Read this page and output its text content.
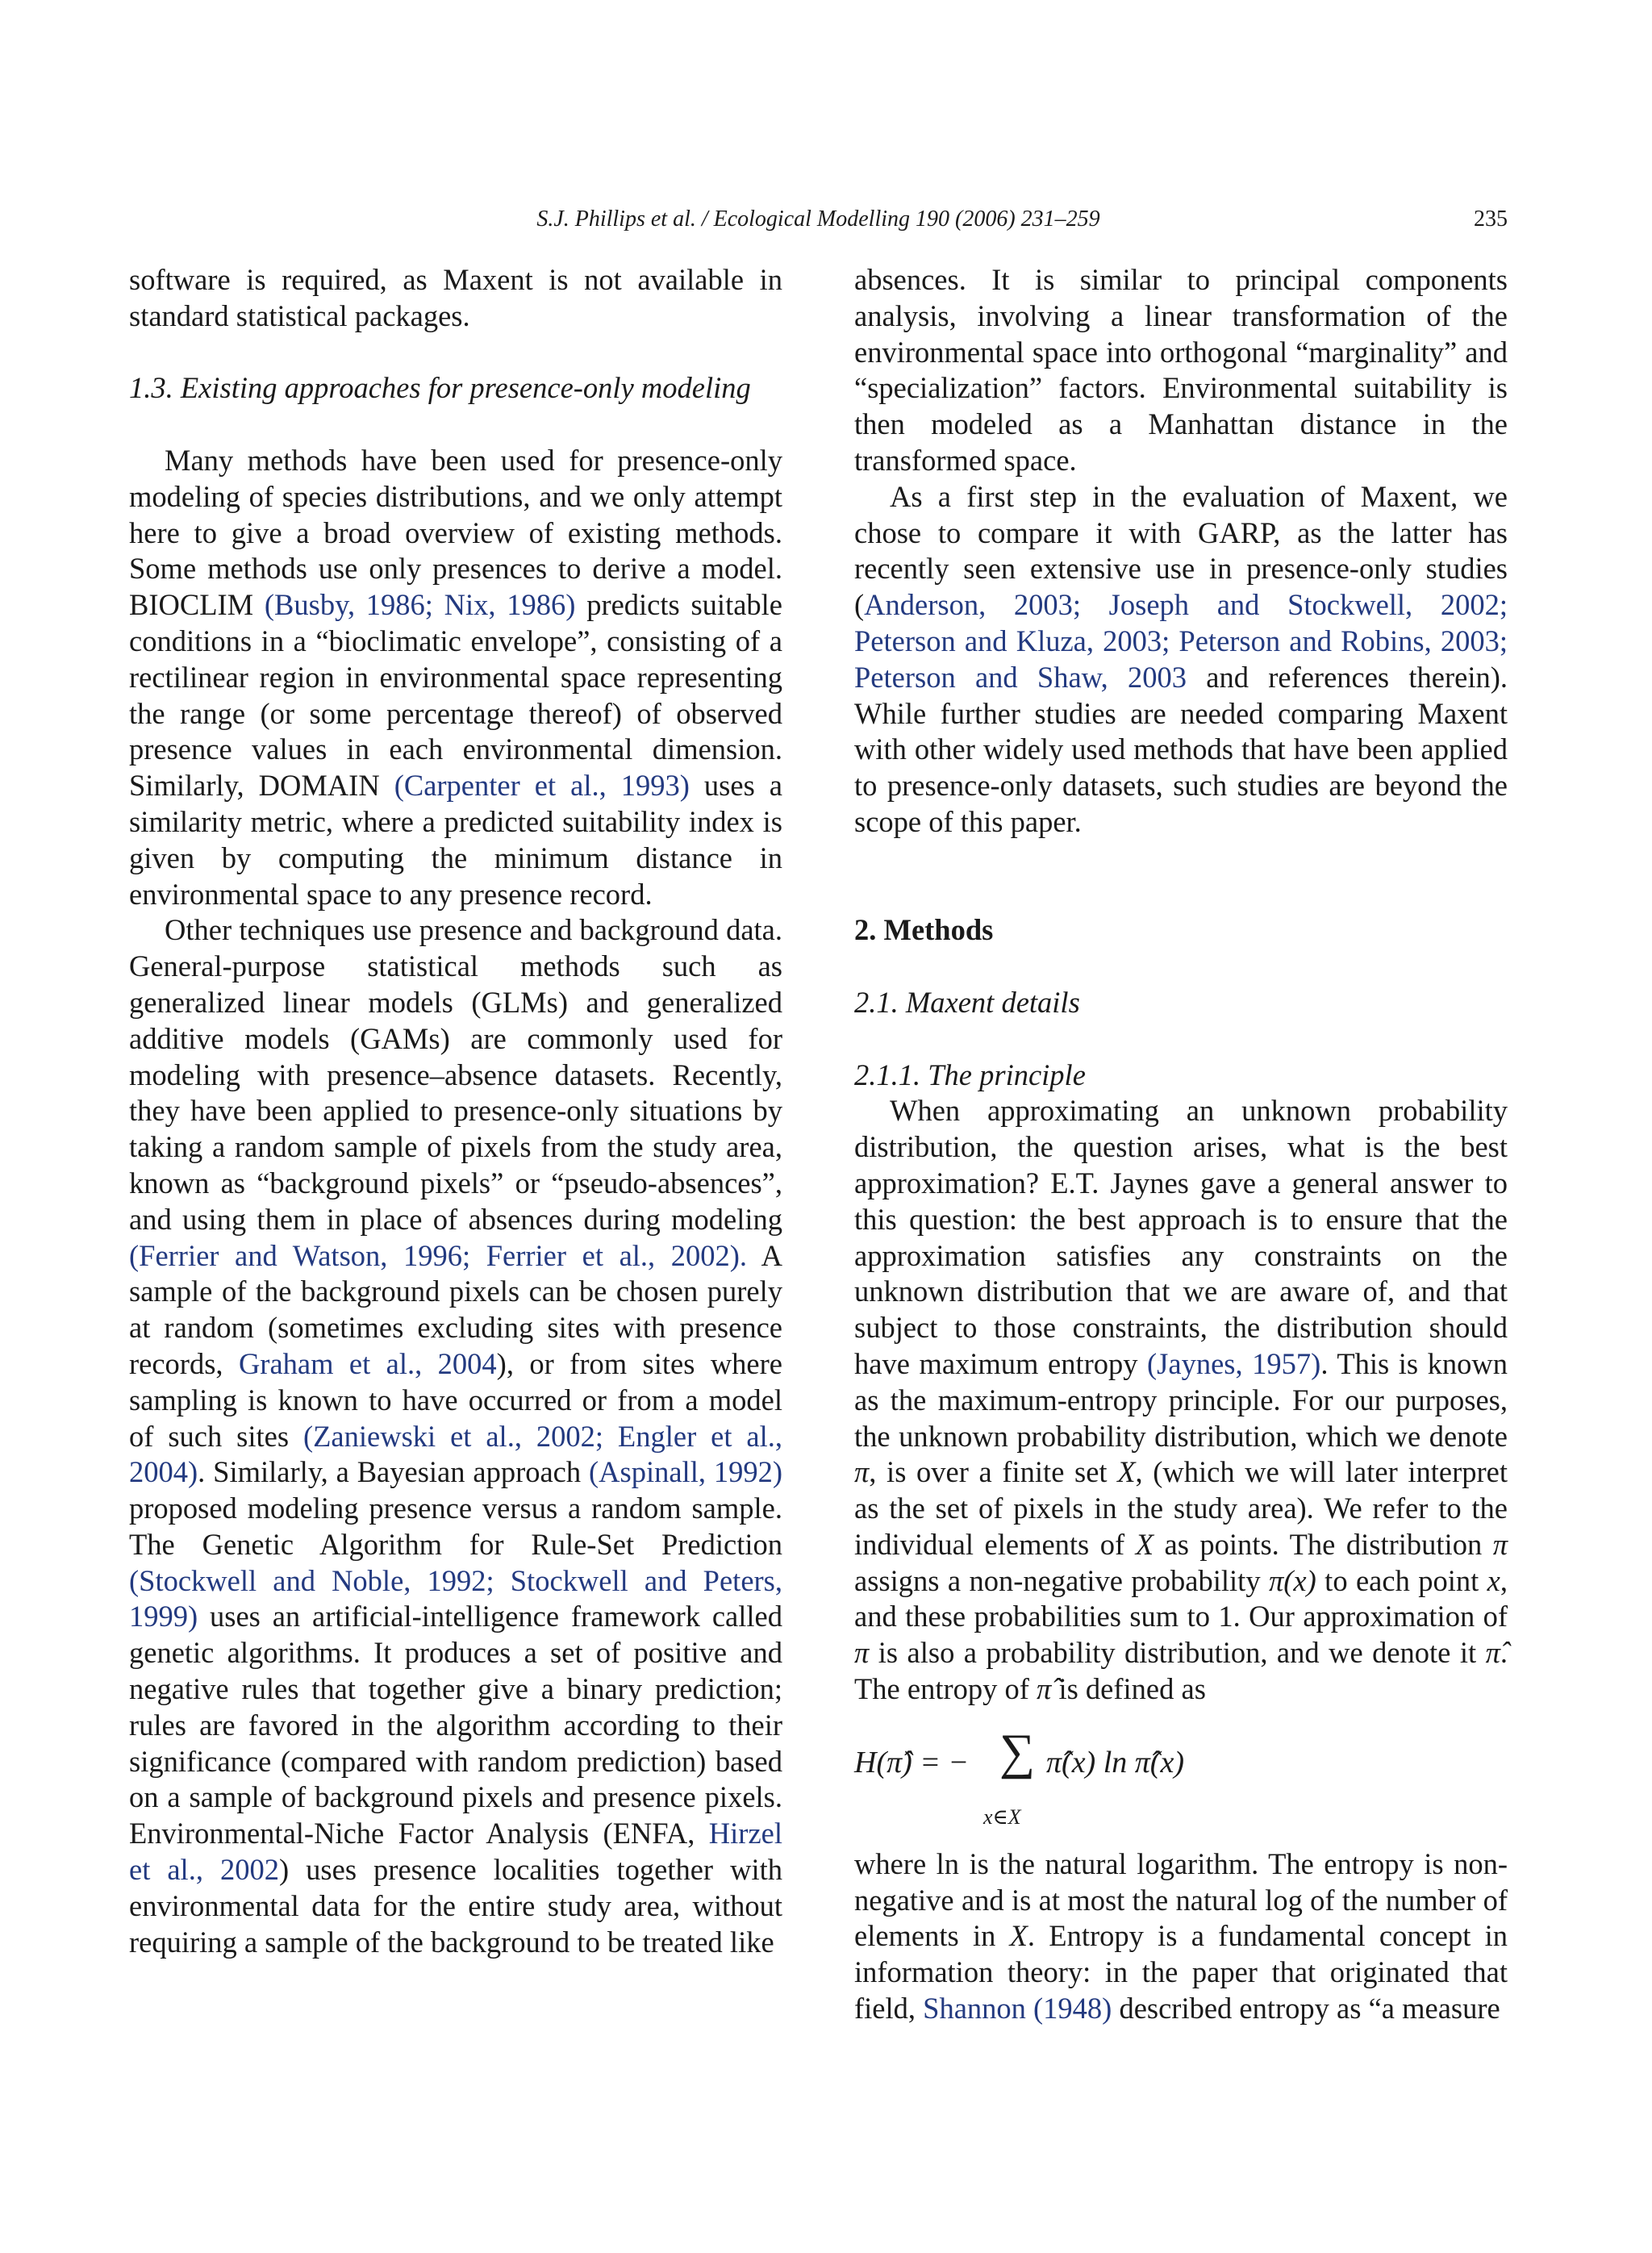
S.J. Phillips et al. / Ecological Modelling 190 (2006) 231–259	235

software is required, as Maxent is not available in standard statistical packages.

1.3. Existing approaches for presence-only modeling

Many methods have been used for presence-only modeling of species distributions, and we only attempt here to give a broad overview of existing methods. Some methods use only presences to derive a model. BIOCLIM (Busby, 1986; Nix, 1986) predicts suitable conditions in a “bioclimatic envelope”, consisting of a rectilinear region in environmental space representing the range (or some percentage thereof) of observed presence values in each environmental dimension. Similarly, DOMAIN (Carpenter et al., 1993) uses a similarity metric, where a predicted suitability index is given by computing the minimum distance in environmental space to any presence record.

Other techniques use presence and background data. General-purpose statistical methods such as generalized linear models (GLMs) and generalized additive models (GAMs) are commonly used for modeling with presence–absence datasets. Recently, they have been applied to presence-only situations by taking a random sample of pixels from the study area, known as “background pixels” or “pseudo-absences”, and using them in place of absences during modeling (Ferrier and Watson, 1996; Ferrier et al., 2002). A sample of the background pixels can be chosen purely at random (sometimes excluding sites with presence records, Graham et al., 2004), or from sites where sampling is known to have occurred or from a model of such sites (Zaniewski et al., 2002; Engler et al., 2004). Similarly, a Bayesian approach (Aspinall, 1992) proposed modeling presence versus a random sample. The Genetic Algorithm for Rule-Set Prediction (Stockwell and Noble, 1992; Stockwell and Peters, 1999) uses an artificial-intelligence framework called genetic algorithms. It produces a set of positive and negative rules that together give a binary prediction; rules are favored in the algorithm according to their significance (compared with random prediction) based on a sample of background pixels and presence pixels. Environmental-Niche Factor Analysis (ENFA, Hirzel et al., 2002) uses presence localities together with environmental data for the entire study area, without requiring a sample of the background to be treated like

absences. It is similar to principal components analysis, involving a linear transformation of the environmental space into orthogonal “marginality” and “specialization” factors. Environmental suitability is then modeled as a Manhattan distance in the transformed space.

As a first step in the evaluation of Maxent, we chose to compare it with GARP, as the latter has recently seen extensive use in presence-only studies (Anderson, 2003; Joseph and Stockwell, 2002; Peterson and Kluza, 2003; Peterson and Robins, 2003; Peterson and Shaw, 2003 and references therein). While further studies are needed comparing Maxent with other widely used methods that have been applied to presence-only datasets, such studies are beyond the scope of this paper.

2. Methods

2.1. Maxent details

2.1.1. The principle

When approximating an unknown probability distribution, the question arises, what is the best approximation? E.T. Jaynes gave a general answer to this question: the best approach is to ensure that the approximation satisfies any constraints on the unknown distribution that we are aware of, and that subject to those constraints, the distribution should have maximum entropy (Jaynes, 1957). This is known as the maximum-entropy principle. For our purposes, the unknown probability distribution, which we denote π, is over a finite set X, (which we will later interpret as the set of pixels in the study area). We refer to the individual elements of X as points. The distribution π assigns a non-negative probability π(x) to each point x, and these probabilities sum to 1. Our approximation of π is also a probability distribution, and we denote it π̂. The entropy of π̂ is defined as

H(π̂) = − ∑
x∈X
π̂(x) ln π̂(x)

where ln is the natural logarithm. The entropy is non-negative and is at most the natural log of the number of elements in X. Entropy is a fundamental concept in information theory: in the paper that originated that field, Shannon (1948) described entropy as “a measure
